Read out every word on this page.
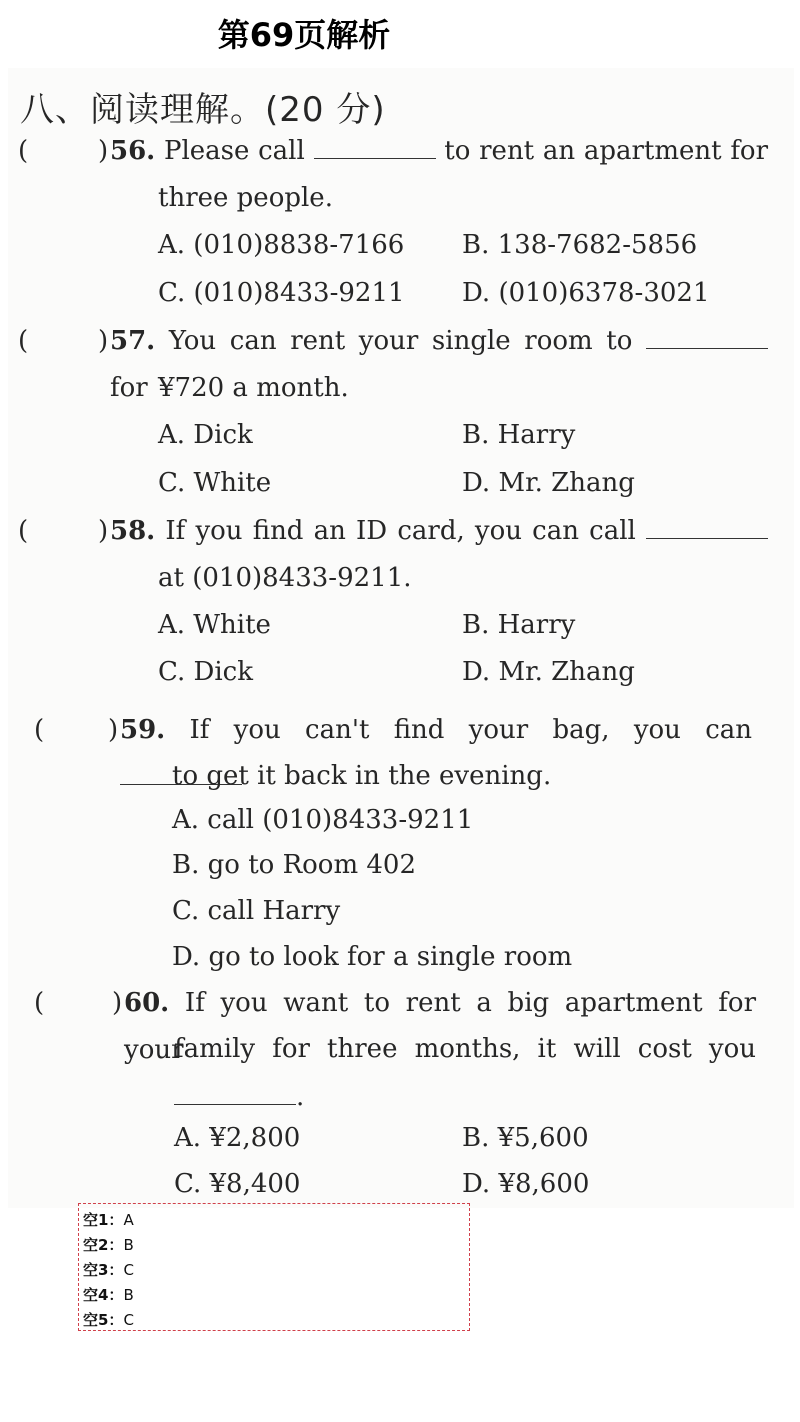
第69页解析
八、阅读理解。(20 分)
(	) 56. Please call	to rent an apartment for
three people.
A. (010)8838-7166 B. 138-7682-5856
C. (010)8433-9211 D. (010)6378-3021
(	) 57. You can rent your single room to  for ¥720 a month.
A. Dick	B. Harry
C. White	D. Mr. Zhang
(	) 58. If you find an ID card, you can call
at (010)8433-9211.
A. White	B. Harry
C. Dick	D. Mr. Zhang
( ) 59. If you can't find your bag, you can
to get it back in the evening.
A. call (010)8433-9211
B. go to Room 402
C. call Harry
D. go to look for a single room
(	) 60. If you want to rent a big apartment for your
family for three months, it will cost you
.
A. ¥2,800	B. ¥5,600
C. ¥8,400	D. ¥8,600
空1：A
空2：B
空3：C
空4：B
空5：C
